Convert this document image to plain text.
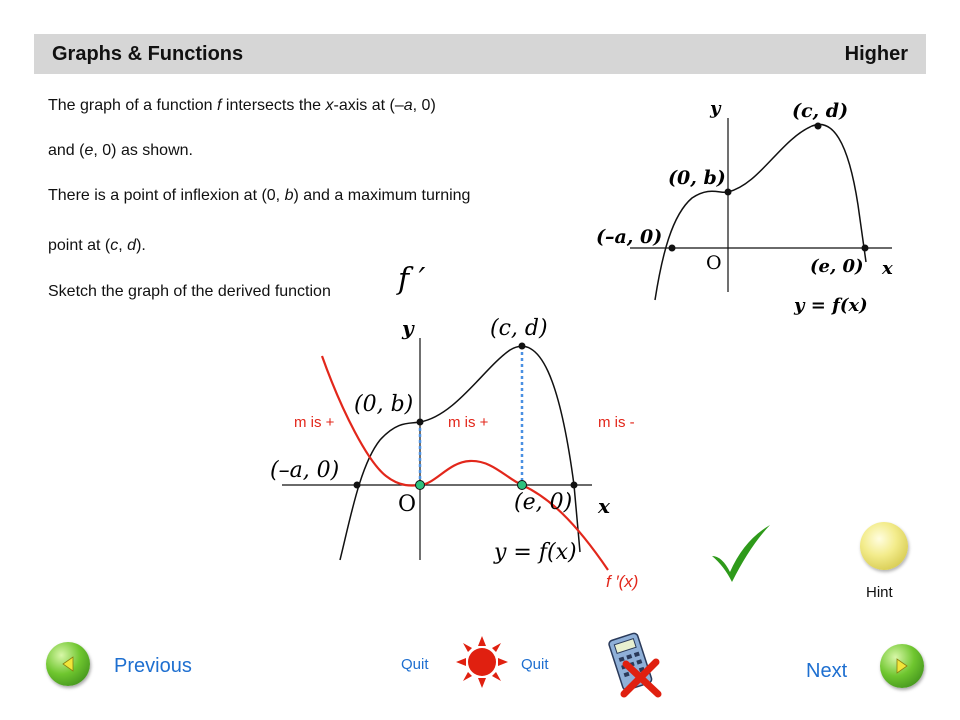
Graphs & Functions	Higher
The graph of a function f intersects the x-axis at (–a, 0)
and (e, 0) as shown.
There is a point of inflexion at (0, b) and a maximum turning
point at (c, d).
Sketch the graph of the derived function f ′
y	(c, d)
(0, b)
(–a, 0)
O	(e, 0) x
y = f(x)
y	(c, d)
(0, b)
(–a, 0)
O	(e, 0) x
y = f(x)
m is +	m is +	m is -
f ′(x)
Hint
Previous	Quit	Quit	Next
